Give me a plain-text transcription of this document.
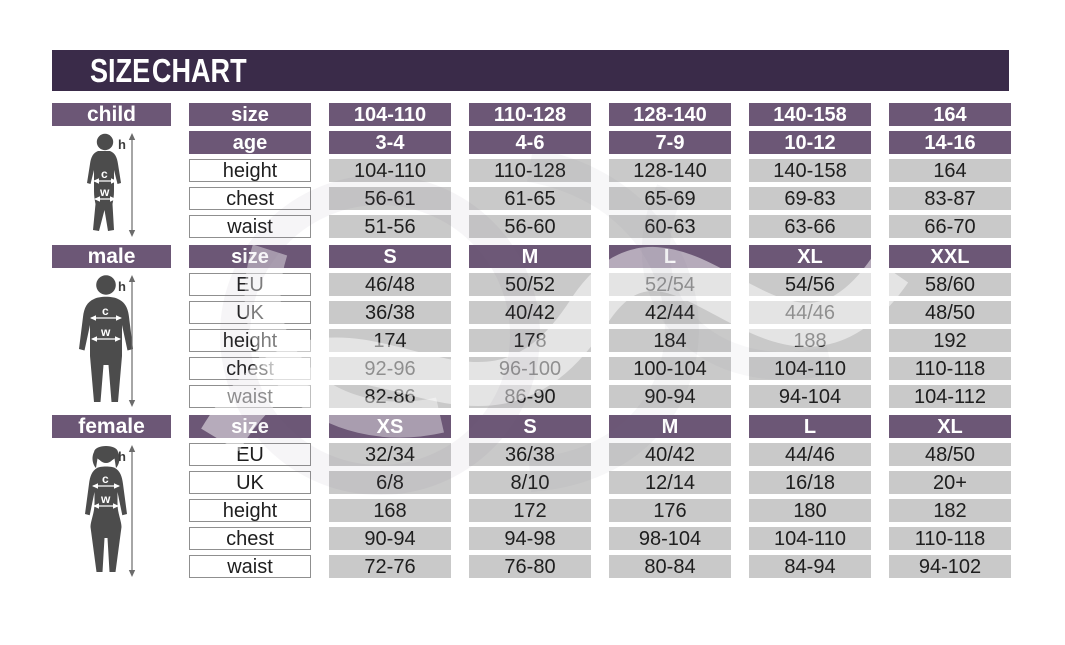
SIZE CHART
child
h
c
w
size	104-110	110-128	128-140	140-158	164
age	3-4	4-6	7-9	10-12	14-16
height	104-110	110-128	128-140	140-158	164
chest	56-61	61-65	65-69	69-83	83-87
waist	51-56	56-60	60-63	63-66	66-70
male
h
c
w
size	S	M	L	XL	XXL
EU	46/48	50/52	52/54	54/56	58/60
UK	36/38	40/42	42/44	44/46	48/50
height	174	178	184	188	192
chest	92-96	96-100	100-104	104-110	110-118
waist	82-86	86-90	90-94	94-104	104-112
female
h
c
w
size	XS	S	M	L	XL
EU	32/34	36/38	40/42	44/46	48/50
UK	6/8	8/10	12/14	16/18	20+
height	168	172	176	180	182
chest	90-94	94-98	98-104	104-110	110-118
waist	72-76	76-80	80-84	84-94	94-102
